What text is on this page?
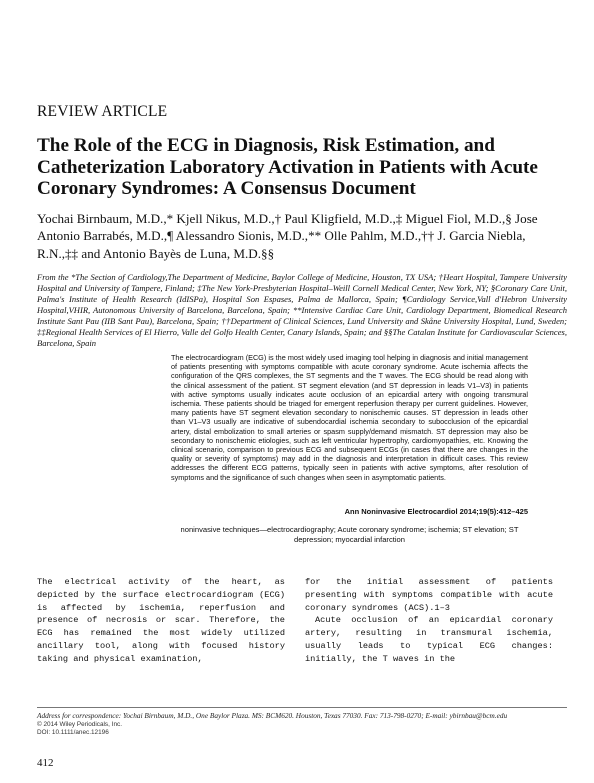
REVIEW ARTICLE
The Role of the ECG in Diagnosis, Risk Estimation, and Catheterization Laboratory Activation in Patients with Acute Coronary Syndromes: A Consensus Document
Yochai Birnbaum, M.D.,* Kjell Nikus, M.D.,† Paul Kligfield, M.D.,‡ Miguel Fiol, M.D.,§ Jose Antonio Barrabés, M.D.,¶ Alessandro Sionis, M.D.,** Olle Pahlm, M.D.,†† J. Garcia Niebla, R.N.,‡‡ and Antonio Bayès de Luna, M.D.§§
From the *The Section of Cardiology,The Department of Medicine, Baylor College of Medicine, Houston, TX USA; †Heart Hospital, Tampere University Hospital and University of Tampere, Finland; ‡The New York-Presbyterian Hospital–Weill Cornell Medical Center, New York, NY; §Coronary Care Unit, Palma's Institute of Health Research (IdISPa), Hospital Son Espases, Palma de Mallorca, Spain; ¶Cardiology Service,Vall d'Hebron University Hospital,VHIR, Autonomous University of Barcelona, Barcelona, Spain; **Intensive Cardiac Care Unit, Cardiology Department, Biomedical Research Institute Sant Pau (IIB Sant Pau), Barcelona, Spain; ††Department of Clinical Sciences, Lund University and Skåne University Hospital, Lund, Sweden; ‡‡Regional Health Services of El Hierro, Valle del Golfo Health Center, Canary Islands, Spain; and §§The Catalan Institute for Cardiovascular Sciences, Barcelona, Spain
The electrocardiogram (ECG) is the most widely used imaging tool helping in diagnosis and initial management of patients presenting with symptoms compatible with acute coronary syndrome. Acute ischemia affects the configuration of the QRS complexes, the ST segments and the T waves. The ECG should be read along with the clinical assessment of the patient. ST segment elevation (and ST depression in leads V1–V3) in patients with active symptoms usually indicates acute occlusion of an epicardial artery with ongoing transmural ischemia. These patients should be triaged for emergent reperfusion therapy per current guidelines. However, many patients have ST segment elevation secondary to nonischemic causes. ST depression in leads other than V1–V3 usually are indicative of subendocardial ischemia secondary to subocclusion of the epicardial artery, distal embolization to small arteries or spasm supply/demand mismatch. ST depression may also be secondary to nonischemic etiologies, such as left ventricular hypertrophy, cardiomyopathies, etc. Knowing the clinical scenario, comparison to previous ECG and subsequent ECGs (in cases that there are changes in the quality or severity of symptoms) may add in the diagnosis and interpretation in difficult cases. This review addresses the different ECG patterns, typically seen in patients with active symptoms, after resolution of symptoms and the significance of such changes when seen in asymptomatic patients.
Ann Noninvasive Electrocardiol 2014;19(5):412–425
noninvasive techniques—electrocardiography; Acute coronary syndrome; ischemia; ST elevation; ST depression; myocardial infarction

The electrical activity of the heart, as depicted by the surface electrocardiogram (ECG) is affected by ischemia, reperfusion and presence of necrosis or scar. Therefore, the ECG has remained the most widely utilized ancillary tool, along with focused history taking and physical examination,

for the initial assessment of patients presenting with symptoms compatible with acute coronary syndromes (ACS).1–3

Acute occlusion of an epicardial coronary artery, resulting in transmural ischemia, usually leads to typical ECG changes: initially, the T waves in the

Address for correspondence: Yochai Birnbaum, M.D., One Baylor Plaza. MS: BCM620. Houston, Texas 77030. Fax: 713-798-0270; E-mail: ybirnbau@bcm.edu
© 2014 Wiley Periodicals, Inc.
DOI: 10.1111/anec.12196
412
